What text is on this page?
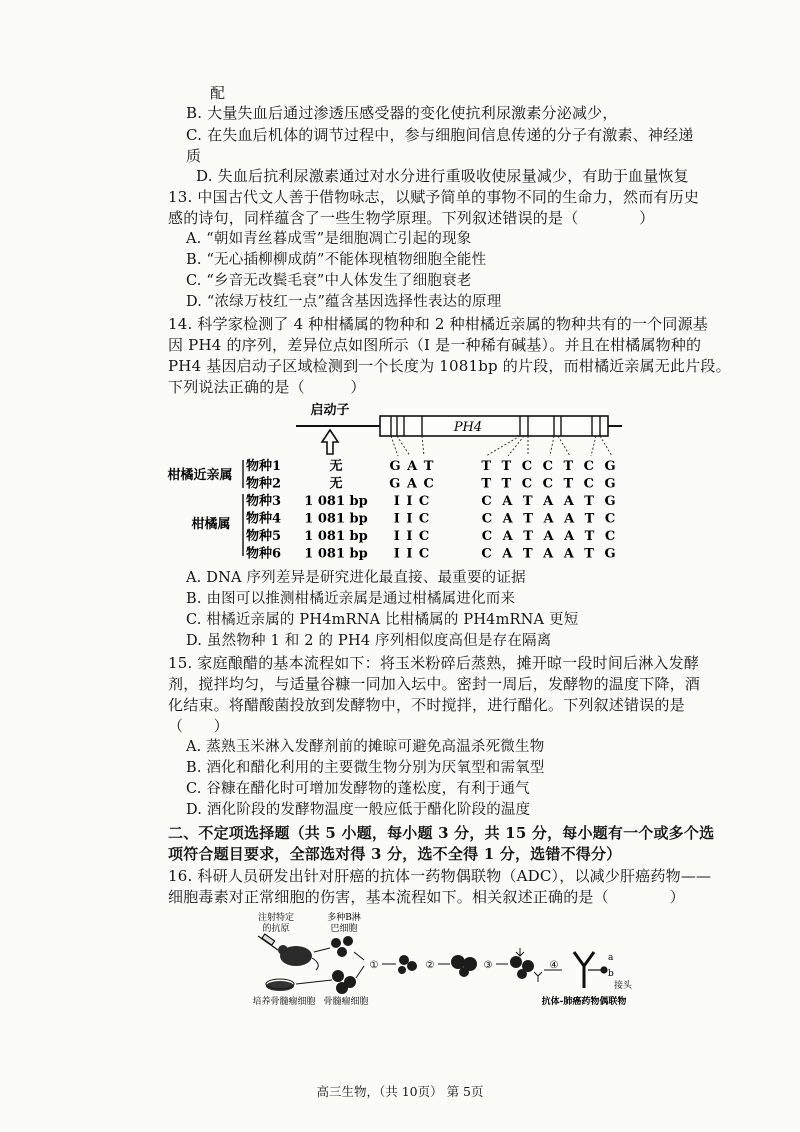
配
B. 大量失血后通过渗透压感受器的变化使抗利尿激素分泌减少，
C. 在失血后机体的调节过程中，参与细胞间信息传递的分子有激素、神经递
质
D. 失血后抗利尿激素通过对水分进行重吸收使尿量减少，有助于血量恢复
13. 中国古代文人善于借物咏志，以赋予简单的事物不同的生命力，然而有历史
感的诗句，同样蕴含了一些生物学原理。下列叙述错误的是（　　　　）
A. “朝如青丝暮成雪”是细胞凋亡引起的现象
B. “无心插柳柳成荫”不能体现植物细胞全能性
C. “乡音无改鬓毛衰”中人体发生了细胞衰老
D. “浓绿万枝红一点”蕴含基因选择性表达的原理
14. 科学家检测了 4 种柑橘属的物种和 2 种柑橘近亲属的物种共有的一个同源基
因 PH4 的序列，差异位点如图所示（I 是一种稀有碱基）。并且在柑橘属物种的
PH4 基因启动子区域检测到一个长度为 1081bp 的片段，而柑橘近亲属无此片段。
下列说法正确的是（　　　）
启动子
PH4
柑橘近亲属
柑橘属
物种1	无	G A T	T T C C T C G
物种2	无	G A C	T T C C T C G
物种3 1 081 bp I I C	C A T A A T G
物种4 1 081 bp I I C	C A T A A T C
物种5 1 081 bp I I C	C A T A A T C
物种6 1 081 bp I I C	C A T A A T G
A. DNA 序列差异是研究进化最直接、最重要的证据
B. 由图可以推测柑橘近亲属是通过柑橘属进化而来
C. 柑橘近亲属的 PH4mRNA 比柑橘属的 PH4mRNA 更短
D. 虽然物种 1 和 2 的 PH4 序列相似度高但是存在隔离
15. 家庭酿醋的基本流程如下：将玉米粉碎后蒸熟，摊开晾一段时间后淋入发酵
剂，搅拌均匀，与适量谷糠一同加入坛中。密封一周后，发酵物的温度下降，酒
化结束。将醋酸菌投放到发酵物中，不时搅拌，进行醋化。下列叙述错误的是
（　　）
A. 蒸熟玉米淋入发酵剂前的摊晾可避免高温杀死微生物
B. 酒化和醋化利用的主要微生物分别为厌氧型和需氧型
C. 谷糠在醋化时可增加发酵物的蓬松度，有利于通气
D. 酒化阶段的发酵物温度一般应低于醋化阶段的温度
二、不定项选择题（共 5 小题，每小题 3 分，共 15 分，每小题有一个或多个选
项符合题目要求，全部选对得 3 分，选不全得 1 分，选错不得分）
16. 科研人员研发出针对肝癌的抗体一药物偶联物（ADC），以减少肝癌药物——
细胞毒素对正常细胞的伤害，基本流程如下。相关叙述正确的是（　　　　）
注射特定
的抗原
多种B淋
巴细胞
培养骨髓瘤细胞 骨髓瘤细胞
①	②	③	④
a
b
接头
抗体-肺癌药物偶联物
高三生物，（共 10页） 第 5页
